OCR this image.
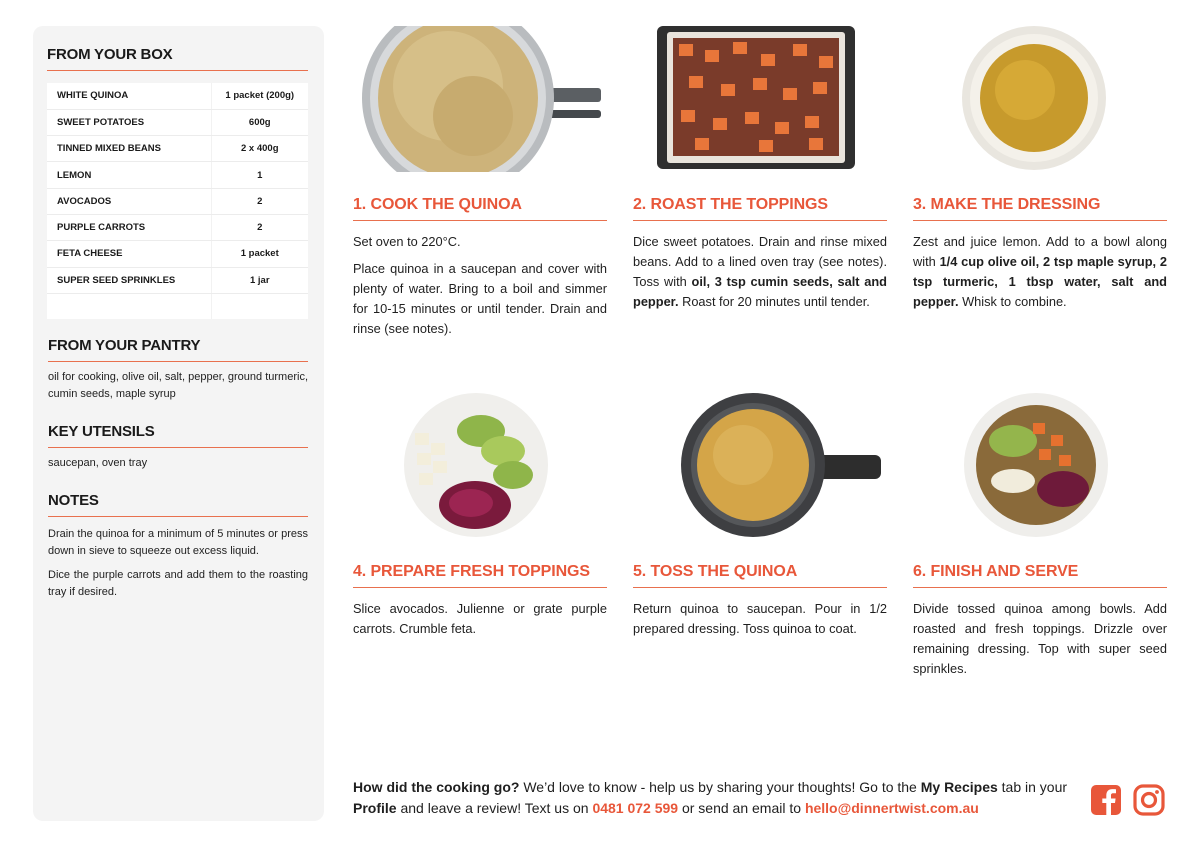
FROM YOUR BOX
WHITE QUINOA	1 packet (200g)
SWEET POTATOES	600g
TINNED MIXED BEANS	2 x 400g
LEMON	1
AVOCADOS	2
PURPLE CARROTS	2
FETA CHEESE	1 packet
SUPER SEED SPRINKLES	1 jar

FROM YOUR PANTRY
oil for cooking, olive oil, salt, pepper, ground turmeric, cumin seeds, maple syrup
KEY UTENSILS
saucepan, oven tray
NOTES
Drain the quinoa for a minimum of 5 minutes or press down in sieve to squeeze out excess liquid.
Dice the purple carrots and add them to the roasting tray if desired.
1. COOK THE QUINOA

Set oven to 220°C.

Place quinoa in a saucepan and cover with plenty of water. Bring to a boil and simmer for 10-15 minutes or until tender. Drain and rinse (see notes).

2. ROAST THE TOPPINGS

Dice sweet potatoes. Drain and rinse mixed beans. Add to a lined oven tray (see notes). Toss with oil, 3 tsp cumin seeds, salt and pepper. Roast for 20 minutes until tender.

3. MAKE THE DRESSING

Zest and juice lemon. Add to a bowl along with 1/4 cup olive oil, 2 tsp maple syrup, 2 tsp turmeric, 1 tbsp water, salt and pepper. Whisk to combine.

4. PREPARE FRESH TOPPINGS

Slice avocados. Julienne or grate purple carrots. Crumble feta.

5. TOSS THE QUINOA

Return quinoa to saucepan. Pour in 1/2 prepared dressing. Toss quinoa to coat.

6. FINISH AND SERVE

Divide tossed quinoa among bowls. Add roasted and fresh toppings. Drizzle over remaining dressing. Top with super seed sprinkles.

How did the cooking go? We’d love to know - help us by sharing your thoughts! Go to the My Recipes tab in your Profile and leave a review! Text us on 0481 072 599 or send an email to hello@dinnertwist.com.au
